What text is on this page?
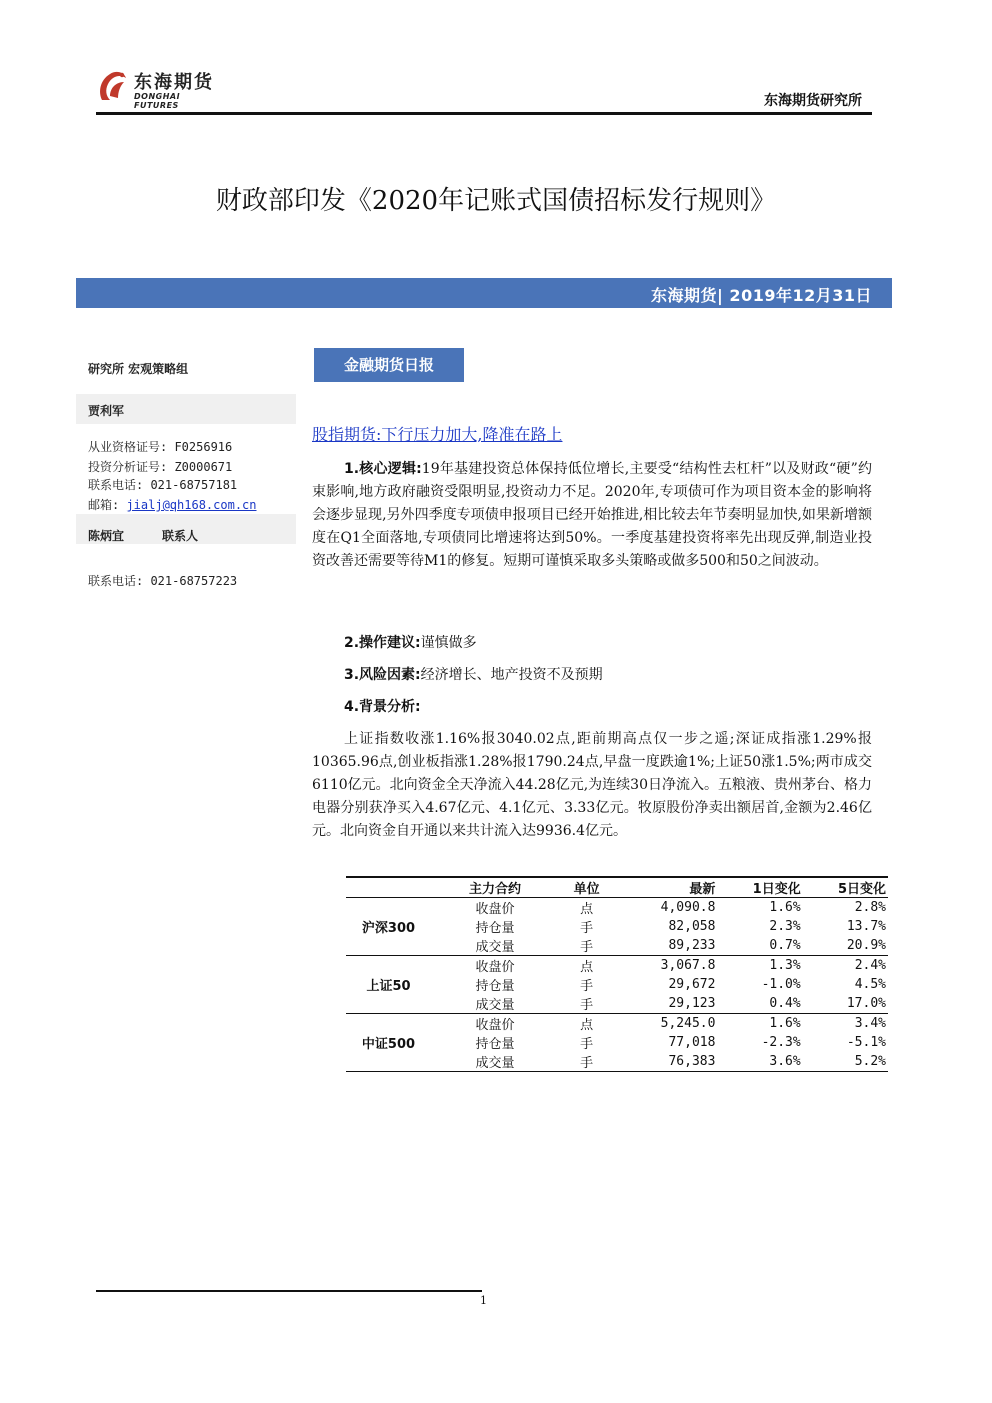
东海期货
DONGHAI FUTURES	东海期货研究所
财政部印发《2020年记账式国债招标发行规则》
东海期货| 2019年12月31日
研究所 宏观策略组
贾利军
从业资格证号: F0256916
投资分析证号: Z0000671
联系电话: 021-68757181
邮箱: jialj@qh168.com.cn
陈炳宜	联系人
联系电话: 021-68757223
金融期货日报
股指期货:下行压力加大,降准在路上
1.核心逻辑:19年基建投资总体保持低位增长,主要受“结构性去杠杆”以及财政“硬”约束影响,地方政府融资受限明显,投资动力不足。2020年,专项债可作为项目资本金的影响将会逐步显现,另外四季度专项债申报项目已经开始推进,相比较去年节奏明显加快,如果新增额度在Q1全面落地,专项债同比增速将达到50%。一季度基建投资将率先出现反弹,制造业投资改善还需要等待M1的修复。短期可谨慎采取多头策略或做多500和50之间波动。
2.操作建议:谨慎做多
3.风险因素:经济增长、地产投资不及预期
4.背景分析:
上证指数收涨1.16%报3040.02点,距前期高点仅一步之遥;深证成指涨1.29%报10365.96点,创业板指涨1.28%报1790.24点,早盘一度跌逾1%;上证50涨1.5%;两市成交6110亿元。北向资金全天净流入44.28亿元,为连续30日净流入。五粮液、贵州茅台、格力电器分别获净买入4.67亿元、4.1亿元、3.33亿元。牧原股份净卖出额居首,金额为2.46亿元。北向资金自开通以来共计流入达9936.4亿元。
	主力合约	单位	最新	1日变化	5日变化
沪深300	收盘价	点	4,090.8	1.6%	2.8%
	持仓量	手	82,058	2.3%	13.7%
	成交量	手	89,233	0.7%	20.9%
上证50	收盘价	点	3,067.8	1.3%	2.4%
	持仓量	手	29,672	-1.0%	4.5%
	成交量	手	29,123	0.4%	17.0%
中证500	收盘价	点	5,245.0	1.6%	3.4%
	持仓量	手	77,018	-2.3%	-5.1%
	成交量	手	76,383	3.6%	5.2%
1
